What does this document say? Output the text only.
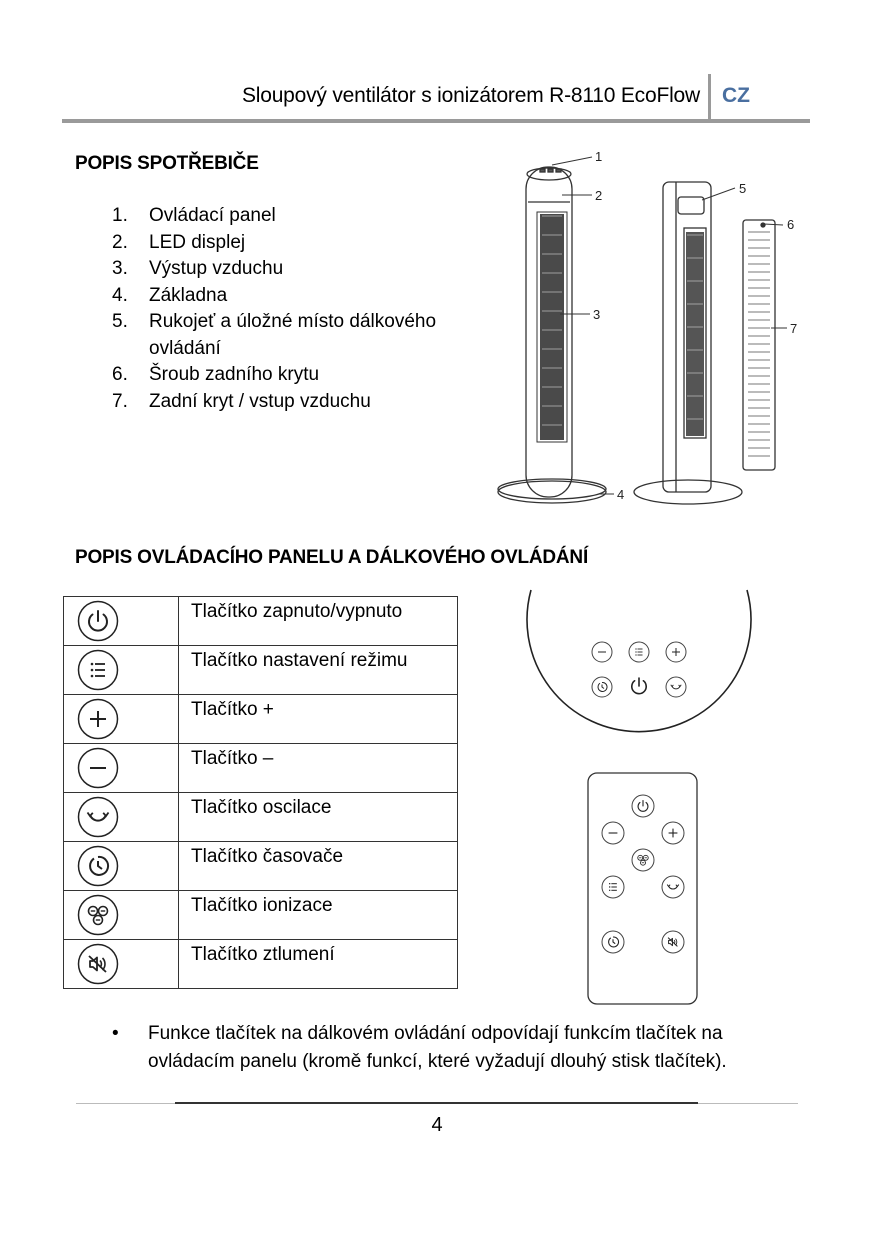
Sloupový ventilátor s ionizátorem R-8110 EcoFlow CZ
POPIS SPOTŘEBIČE
1.	Ovládací panel
2.	LED displej
3.	Výstup vzduchu
4.	Základna
5.	Rukojeť a úložné místo dálkového ovládání
6.	Šroub zadního krytu
7.	Zadní kryt / vstup vzduchu
1
2
3
4
5
6
7
POPIS OVLÁDACÍHO PANELU A DÁLKOVÉHO OVLÁDÁNÍ
	Tlačítko zapnuto/vypnuto

	Tlačítko nastavení režimu

	Tlačítko +

	Tlačítko –

	Tlačítko oscilace

	Tlačítko časovače

	Tlačítko ionizace

	Tlačítko ztlumení
• Funkce tlačítek na dálkovém ovládání odpovídají funkcím tlačítek na ovládacím panelu (kromě funkcí, které vyžadují dlouhý stisk tlačítek).
4
